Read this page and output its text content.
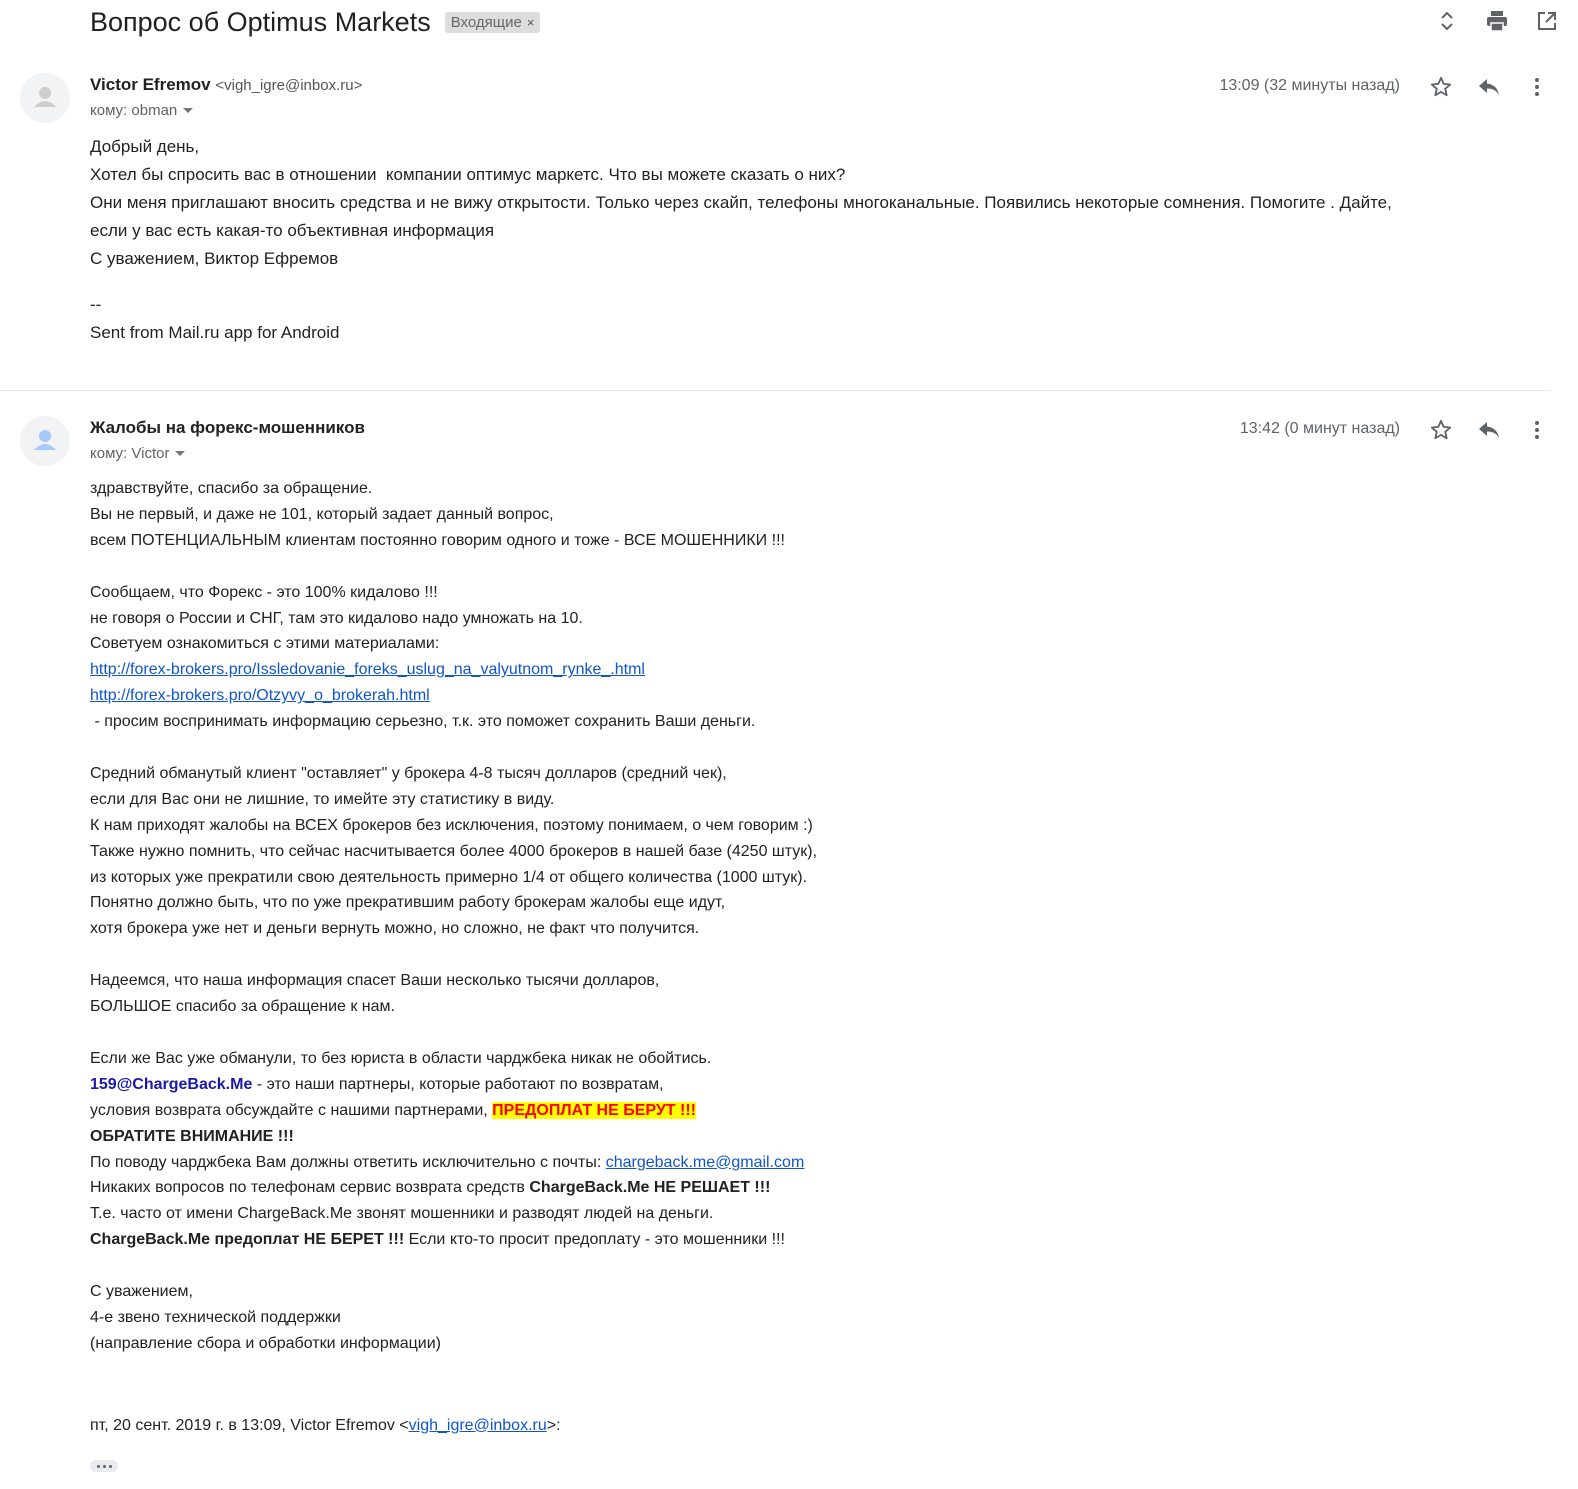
Вопрос об Optimus Markets Входящие ×
Victor Efremov <vigh_igre@inbox.ru>
кому: obman
13:09 (32 минуты назад)

Добрый день,

Хотел бы спросить вас в отношении  компании оптимус маркетс. Что вы можете сказать о них?

Они меня приглашают вносить средства и не вижу открытости. Только через скайп, телефоны многоканальные. Появились некоторые сомнения. Помогите . Дайте,

если у вас есть какая-то объективная информация

С уважением, Виктор Ефремов

--

Sent from Mail.ru app for Android

Жалобы на форекс-мошенников
кому: Victor
13:42 (0 минут назад)

здравствуйте, спасибо за обращение.

Вы не первый, и даже не 101, который задает данный вопрос,

всем ПОТЕНЦИАЛЬНЫМ клиентам постоянно говорим одного и тоже - ВСЕ МОШЕННИКИ !!!

Сообщаем, что Форекс - это 100% кидалово !!!

не говоря о России и СНГ, там это кидалово надо умножать на 10.

Советуем ознакомиться с этими материалами:

http://forex-brokers.pro/Issledovanie_foreks_uslug_na_valyutnom_rynke_.html

http://forex-brokers.pro/Otzyvy_o_brokerah.html

- просим воспринимать информацию серьезно, т.к. это поможет сохранить Ваши деньги.

Средний обманутый клиент "оставляет" у брокера 4-8 тысяч долларов (средний чек),

если для Вас они не лишние, то имейте эту статистику в виду.

К нам приходят жалобы на ВСЕХ брокеров без исключения, поэтому понимаем, о чем говорим :)

Также нужно помнить, что сейчас насчитывается более 4000 брокеров в нашей базе (4250 штук),

из которых уже прекратили свою деятельность примерно 1/4 от общего количества (1000 штук).

Понятно должно быть, что по уже прекратившим работу брокерам жалобы еще идут,

хотя брокера уже нет и деньги вернуть можно, но сложно, не факт что получится.

Надеемся, что наша информация спасет Ваши несколько тысячи долларов,

БОЛЬШОЕ спасибо за обращение к нам.

Если же Вас уже обманули, то без юриста в области чарджбека никак не обойтись.

159@ChargeBack.Me - это наши партнеры, которые работают по возвратам,

условия возврата обсуждайте с нашими партнерами, ПРЕДОПЛАТ НЕ БЕРУТ !!!

ОБРАТИТЕ ВНИМАНИЕ !!!

По поводу чарджбека Вам должны ответить исключительно с почты: chargeback.me@gmail.com

Никаких вопросов по телефонам сервис возврата средств ChargeBack.Me НЕ РЕШАЕТ !!!

Т.е. часто от имени ChargeBack.Me звонят мошенники и разводят людей на деньги.

ChargeBack.Me предоплат НЕ БЕРЕТ !!! Если кто-то просит предоплату - это мошенники !!!

С уважением,

4-е звено технической поддержки

(направление сбора и обработки информации)

пт, 20 сент. 2019 г. в 13:09, Victor Efremov <vigh_igre@inbox.ru>:
